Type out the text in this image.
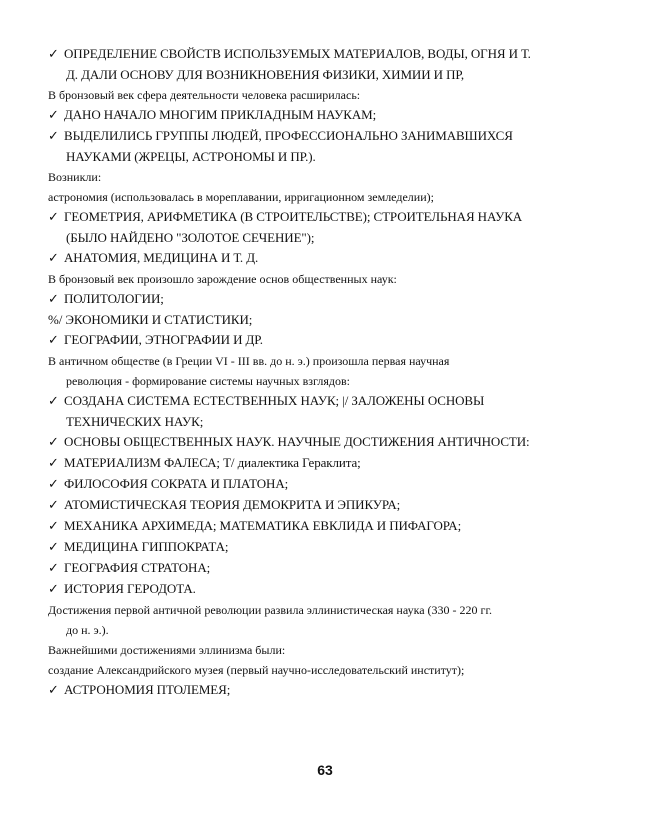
✓ ОПРЕДЕЛЕНИЕ СВОЙСТВ ИСПОЛЬЗУЕМЫХ МАТЕРИАЛОВ, ВОДЫ, ОГНЯ И Т.
Д. ДАЛИ ОСНОВУ ДЛЯ ВОЗНИКНОВЕНИЯ ФИЗИКИ, ХИМИИ И ПР,
В бронзовый век сфера деятельности человека расширилась:
✓ ДАНО НАЧАЛО МНОГИМ ПРИКЛАДНЫМ НАУКАМ;
✓ ВЫДЕЛИЛИСЬ ГРУППЫ ЛЮДЕЙ, ПРОФЕССИОНАЛЬНО ЗАНИМАВШИХСЯ
НАУКАМИ (ЖРЕЦЫ, АСТРОНОМЫ И ПР.).
Возникли:
астрономия (использовалась в мореплавании, ирригационном земледелии);
✓ ГЕОМЕТРИЯ, АРИФМЕТИКА (В СТРОИТЕЛЬСТВЕ); СТРОИТЕЛЬНАЯ НАУКА
(БЫЛО НАЙДЕНО "ЗОЛОТОЕ СЕЧЕНИЕ");
✓ АНАТОМИЯ, МЕДИЦИНА И Т. Д.
В бронзовый век произошло зарождение основ общественных наук:
✓ ПОЛИТОЛОГИИ;
%/ ЭКОНОМИКИ И СТАТИСТИКИ;
✓ ГЕОГРАФИИ, ЭТНОГРАФИИ И ДР.
В античном обществе (в Греции VI - III вв. до н. э.) произошла первая научная
революция - формирование системы научных взглядов:
✓ СОЗДАНА СИСТЕМА ЕСТЕСТВЕННЫХ НАУК; |/ ЗАЛОЖЕНЫ ОСНОВЫ
ТЕХНИЧЕСКИХ НАУК;
✓ ОСНОВЫ ОБЩЕСТВЕННЫХ НАУК. НАУЧНЫЕ ДОСТИЖЕНИЯ АНТИЧНОСТИ:
✓ МАТЕРИАЛИЗМ ФАЛЕСА; Т/ диалектика Гераклита;
✓ ФИЛОСОФИЯ СОКРАТА И ПЛАТОНА;
✓ АТОМИСТИЧЕСКАЯ ТЕОРИЯ ДЕМОКРИТА И ЭПИКУРА;
✓ МЕХАНИКА АРХИМЕДА; МАТЕМАТИКА ЕВКЛИДА И ПИФАГОРА;
✓ МЕДИЦИНА ГИППОКРАТА;
✓ ГЕОГРАФИЯ СТРАТОНА;
✓ ИСТОРИЯ ГЕРОДОТА.
Достижения первой античной революции развила эллинистическая наука (330 - 220 гг.
до н. э.).
Важнейшими достижениями эллинизма были:
создание Александрийского музея (первый научно-исследовательский институт);
✓ АСТРОНОМИЯ ПТОЛЕМЕЯ;
63
